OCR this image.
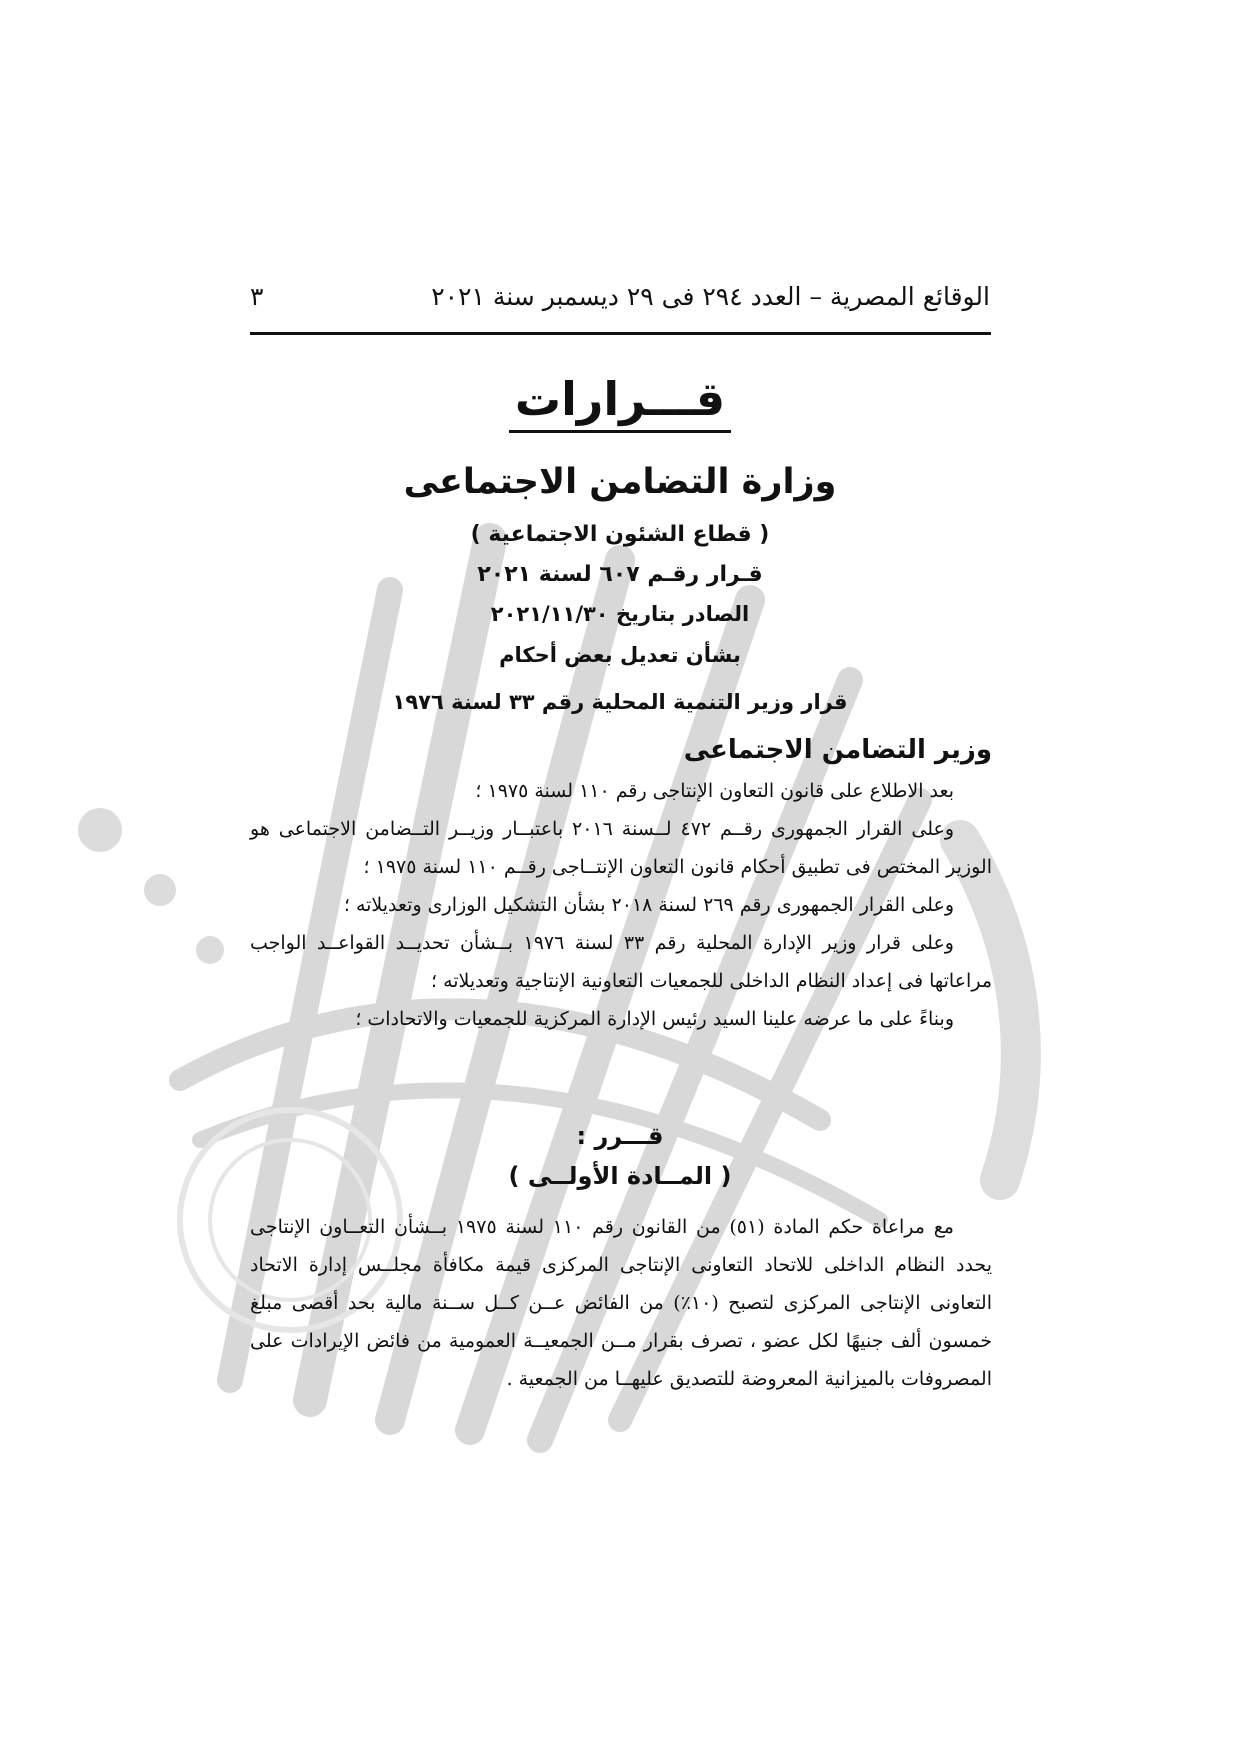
الوقائع المصرية – العدد ٢٩٤ فى ٢٩ ديسمبر سنة ٢٠٢١
٣
قـــرارات
وزارة التضامن الاجتماعى
( قطاع الشئون الاجتماعية )
قـرار رقـم ٦٠٧ لسنة ٢٠٢١
الصادر بتاريخ ٢٠٢١/١١/٣٠
بشأن تعديل بعض أحكام
قرار وزير التنمية المحلية رقم ٣٣ لسنة ١٩٧٦
وزير التضامن الاجتماعى
بعد الاطلاع على قانون التعاون الإنتاجى رقم ١١٠ لسنة ١٩٧٥ ؛
وعلى القرار الجمهورى رقــم ٤٧٢ لــسنة ٢٠١٦ باعتبــار وزيــر التــضامن الاجتماعى هو الوزير المختص فى تطبيق أحكام قانون التعاون الإنتــاجى رقــم ١١٠ لسنة ١٩٧٥ ؛
وعلى القرار الجمهورى رقم ٢٦٩ لسنة ٢٠١٨ بشأن التشكيل الوزارى وتعديلاته ؛
وعلى قرار وزير الإدارة المحلية رقم ٣٣ لسنة ١٩٧٦ بــشأن تحديــد القواعــد الواجب مراعاتها فى إعداد النظام الداخلى للجمعيات التعاونية الإنتاجية وتعديلاته ؛
وبناءً على ما عرضه علينا السيد رئيس الإدارة المركزية للجمعيات والاتحادات ؛
قـــرر :
( المــادة الأولــى )
مع مراعاة حكم المادة (٥١) من القانون رقم ١١٠ لسنة ١٩٧٥ بــشأن التعــاون الإنتاجى يحدد النظام الداخلى للاتحاد التعاونى الإنتاجى المركزى قيمة مكافأة مجلــس إدارة الاتحاد التعاونى الإنتاجى المركزى لتصبح (١٠٪) من الفائض عــن كــل ســنة مالية بحد أقصى مبلغ خمسون ألف جنيهًا لكل عضو ، تصرف بقرار مــن الجمعيــة العمومية من فائض الإيرادات على المصروفات بالميزانية المعروضة للتصديق عليهــا من الجمعية .
